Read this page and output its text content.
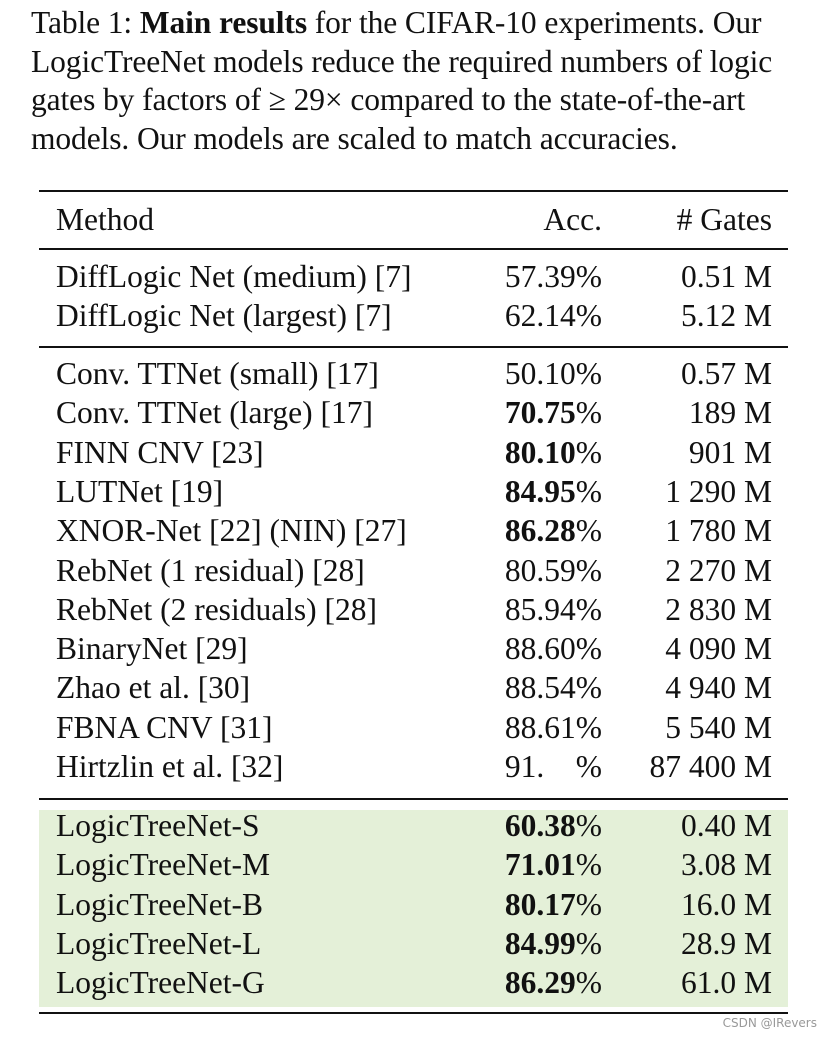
Table 1: Main results for the CIFAR-10 experiments. Our LogicTreeNet models reduce the required numbers of logic gates by factors of ≥ 29× compared to the state-of-the-art models. Our models are scaled to match accuracies.
Method	Acc. # Gates
DiffLogic Net (medium) [7]	57.39%	0.51 M
DiffLogic Net (largest) [7]	62.14%	5.12 M
Conv. TTNet (small) [17]	50.10%	0.57 M
Conv. TTNet (large) [17]	70.75%	189 M
FINN CNV [23]	80.10%	901 M
LUTNet [19]	84.95% 1 290 M
XNOR-Net [22] (NIN) [27]	86.28% 1 780 M
RebNet (1 residual) [28]	80.59% 2 270 M
RebNet (2 residuals) [28]	85.94% 2 830 M
BinaryNet [29]	88.60% 4 090 M
Zhao et al. [30]	88.54% 4 940 M
FBNA CNV [31]	88.61% 5 540 M
Hirtzlin et al. [32]	91.    % 87 400 M
LogicTreeNet-S	60.38%	0.40 M
LogicTreeNet-M	71.01%	3.08 M
LogicTreeNet-B	80.17%	16.0 M
LogicTreeNet-L	84.99%	28.9 M
LogicTreeNet-G	86.29%	61.0 M
CSDN @IRevers
